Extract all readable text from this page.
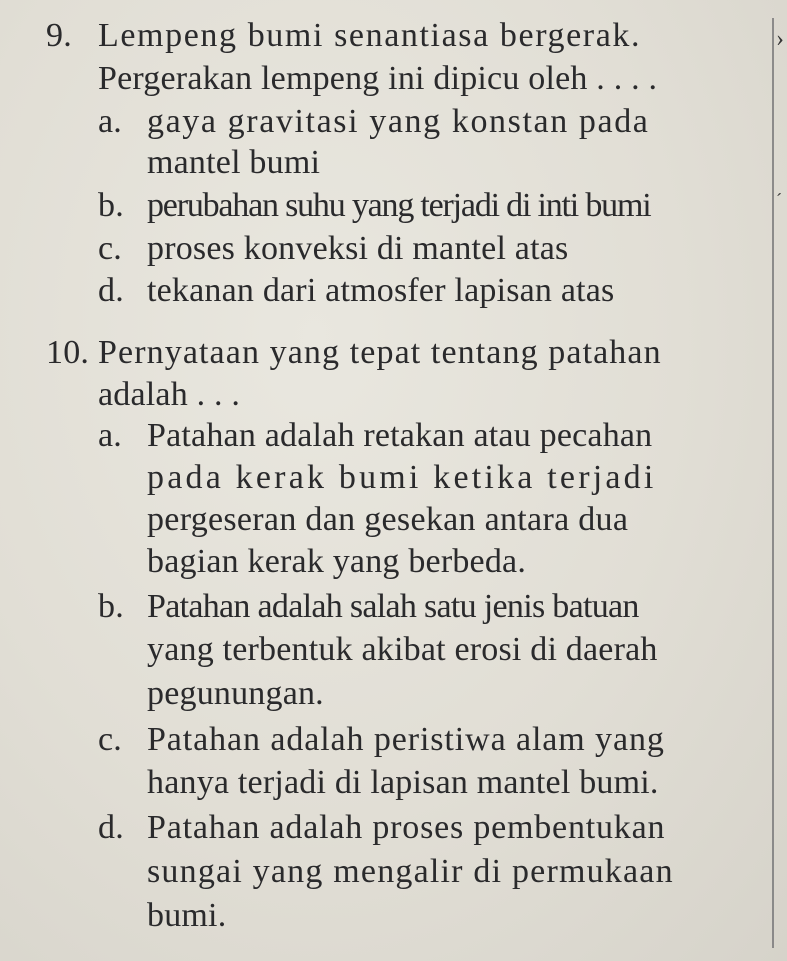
9. Lempeng bumi senantiasa bergerak.
Pergerakan lempeng ini dipicu oleh . . . .
a. gaya gravitasi yang konstan pada
mantel bumi
b. perubahan suhu yang terjadi di inti bumi
c. proses konveksi di mantel atas
d. tekanan dari atmosfer lapisan atas
10. Pernyataan yang tepat tentang patahan
adalah . . .
a. Patahan adalah retakan atau pecahan
pada kerak bumi ketika terjadi
pergeseran dan gesekan antara dua
bagian kerak yang berbeda.
b. Patahan adalah salah satu jenis batuan
yang terbentuk akibat erosi di daerah
pegunungan.
c. Patahan adalah peristiwa alam yang
hanya terjadi di lapisan mantel bumi.
d. Patahan adalah proses pembentukan
sungai yang mengalir di permukaan
bumi.
›
ˊ
